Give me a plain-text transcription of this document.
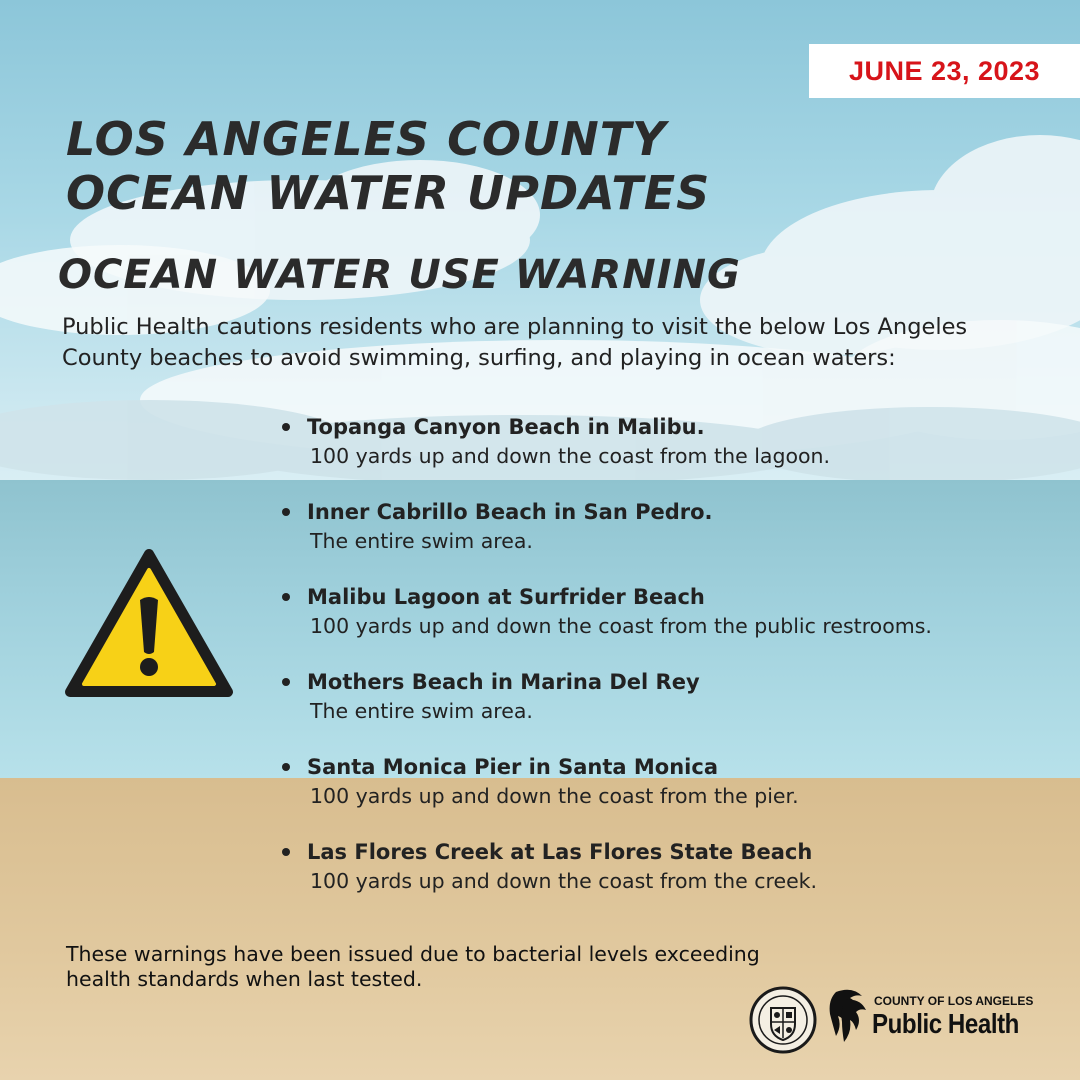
JUNE 23, 2023
LOS ANGELES COUNTY
OCEAN WATER UPDATES
OCEAN WATER USE WARNING
Public Health cautions residents who are planning to visit the below Los Angeles County beaches to avoid swimming, surfing, and playing in ocean waters:
Topanga Canyon Beach in Malibu.
100 yards up and down the coast from the lagoon.
Inner Cabrillo Beach in San Pedro.
The entire swim area.
Malibu Lagoon at Surfrider Beach
100 yards up and down the coast from the public restrooms.
Mothers Beach in Marina Del Rey
The entire swim area.
Santa Monica Pier in Santa Monica
100 yards up and down the coast from the pier.
Las Flores Creek at Las Flores State Beach
100 yards up and down the coast from the creek.
These warnings have been issued due to bacterial levels exceeding health standards when last tested.
COUNTY OF LOS ANGELES
Public Health
